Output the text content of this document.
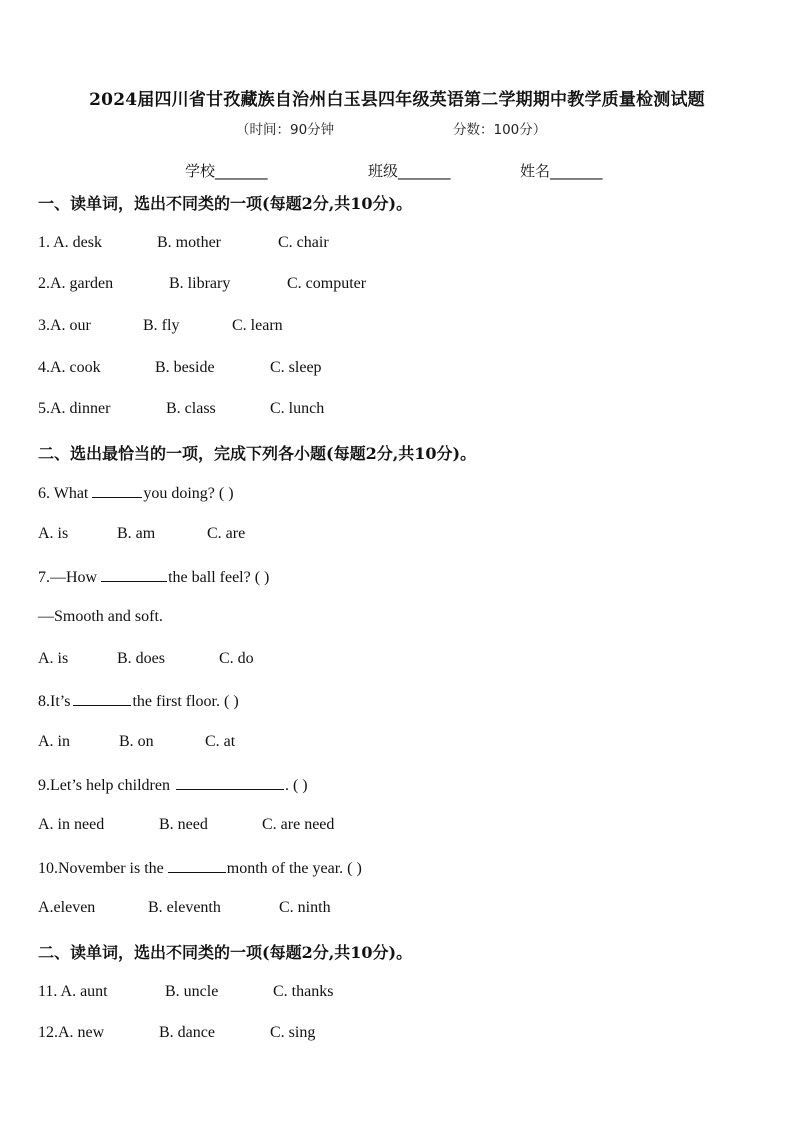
2024届四川省甘孜藏族自治州白玉县四年级英语第二学期期中教学质量检测试题
（时间：90分钟	分数：100分）
学校_______	班级_______	姓名_______
一、读单词，选出不同类的一项(每题2分,共10分)。
1. A. desk	B. mother	C. chair
2.A. garden	B. library	C. computer
3.A. our	B. fly	C. learn
4.A. cook	B. beside	C. sleep
5.A. dinner	B. class	C. lunch
二、选出最恰当的一项，完成下列各小题(每题2分,共10分)。
6. What	you doing? ( )
A. is	B. am	C. are
7.—How	the ball feel? ( )
—Smooth and soft.
A. is	B. does	C. do
8.It’s	the first floor. ( )
A. in	B. on	C. at
9.Let’s help children	. ( )
A. in need	B. need	C. are need
10.November is the	month of the year. ( )
A.eleven	B. eleventh	C. ninth
二、读单词，选出不同类的一项(每题2分,共10分)。
11. A. aunt	B. uncle	C. thanks
12.A. new	B. dance	C. sing
